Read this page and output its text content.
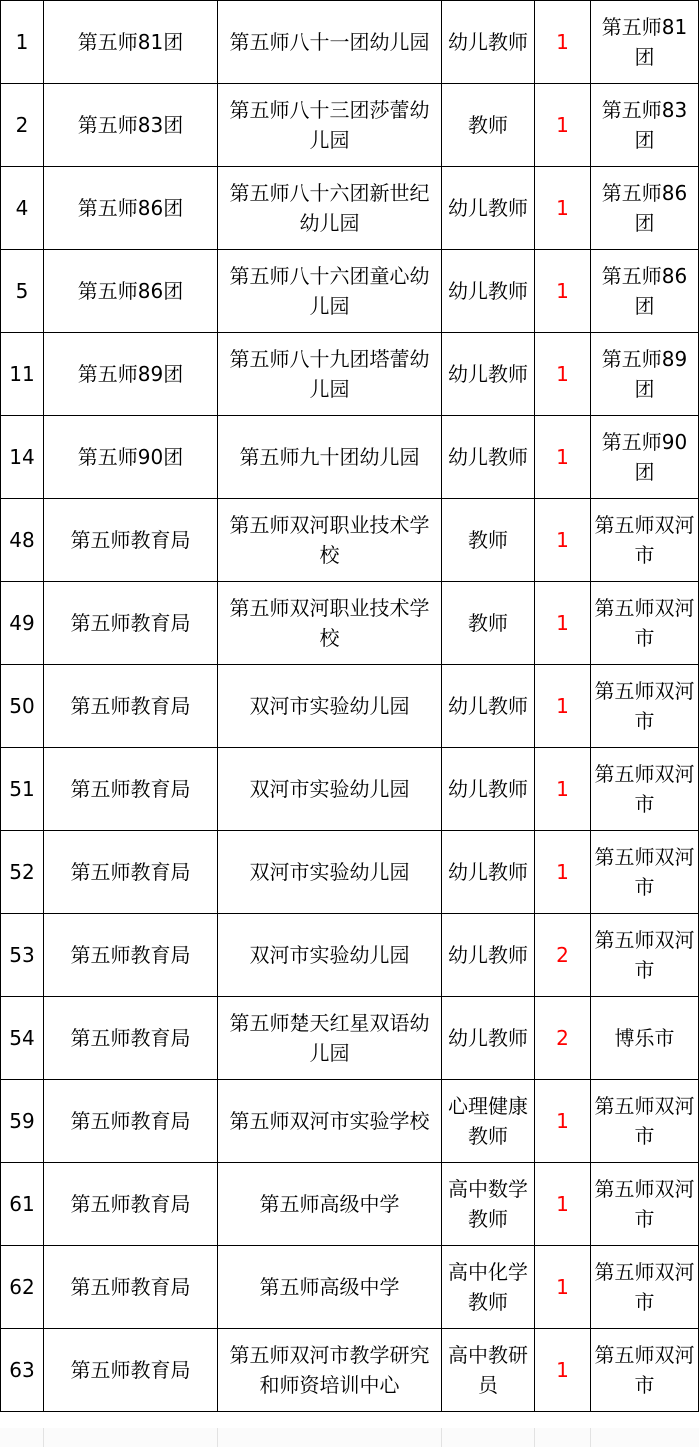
1	第五师81团	第五师八十一团幼儿园	幼儿教师	1	第五师81团
2	第五师83团	第五师八十三团莎蕾幼儿园	教师	1	第五师83团
4	第五师86团	第五师八十六团新世纪幼儿园	幼儿教师	1	第五师86团
5	第五师86团	第五师八十六团童心幼儿园	幼儿教师	1	第五师86团
11	第五师89团	第五师八十九团塔蕾幼儿园	幼儿教师	1	第五师89团
14	第五师90团	第五师九十团幼儿园	幼儿教师	1	第五师90团
48	第五师教育局	第五师双河职业技术学校	教师	1	第五师双河市
49	第五师教育局	第五师双河职业技术学校	教师	1	第五师双河市
50	第五师教育局	双河市实验幼儿园	幼儿教师	1	第五师双河市
51	第五师教育局	双河市实验幼儿园	幼儿教师	1	第五师双河市
52	第五师教育局	双河市实验幼儿园	幼儿教师	1	第五师双河市
53	第五师教育局	双河市实验幼儿园	幼儿教师	2	第五师双河市
54	第五师教育局	第五师楚天红星双语幼儿园	幼儿教师	2	博乐市
59	第五师教育局	第五师双河市实验学校	心理健康教师	1	第五师双河市
61	第五师教育局	第五师高级中学	高中数学教师	1	第五师双河市
62	第五师教育局	第五师高级中学	高中化学教师	1	第五师双河市
63	第五师教育局	第五师双河市教学研究和师资培训中心	高中教研员	1	第五师双河市
